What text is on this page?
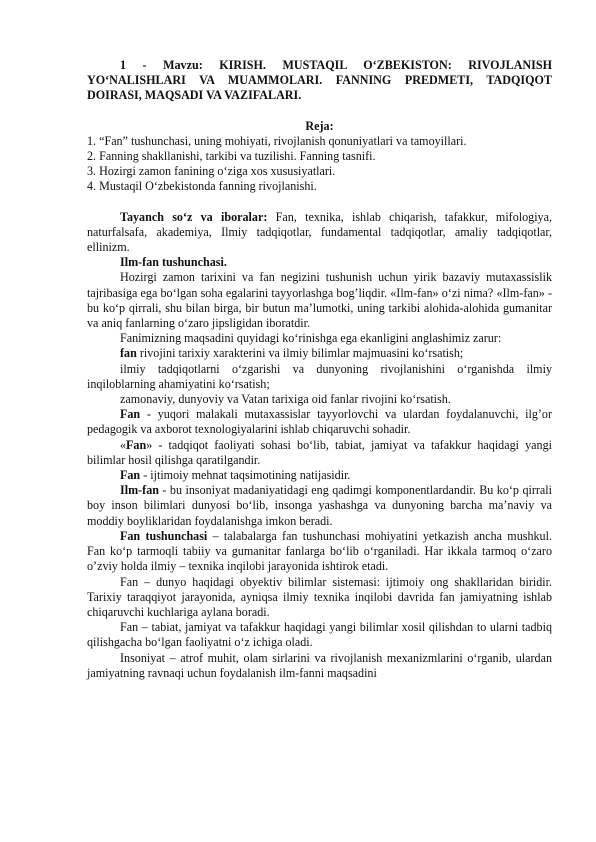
1 - Mavzu: KIRISH. MUSTAQIL O‘ZBEKISTON: RIVOJLANISH YO‘NALISHLARI VA MUAMMOLARI. FANNING PREDMETI, TADQIQOT DOIRASI, MAQSADI VA VAZIFALARI.

Reja:

1. “Fan” tushunchasi, uning mohiyati, rivojlanish qonuniyatlari va tamoyillari.

2. Fanning shakllanishi, tarkibi va tuzilishi. Fanning tasnifi.

3. Hozirgi zamon fanining o‘ziga xos xususiyatlari.

4. Mustaqil O‘zbekistonda fanning rivojlanishi.

Tayanch so‘z va iboralar: Fan, texnika, ishlab chiqarish, tafakkur, mifologiya, naturfalsafa, akademiya, Ilmiy tadqiqotlar, fundamental tadqiqotlar, amaliy tadqiqotlar, ellinizm.

Ilm-fan tushunchasi.

Hozirgi zamon tarixini va fan negizini tushunish uchun yirik bazaviy mutaxassislik tajribasiga ega bo‘lgan soha egalarini tayyorlashga bog’liqdir. «Ilm-fan» o‘zi nima? «Ilm-fan» - bu ko‘p qirrali, shu bilan birga, bir butun ma’lumotki, uning tarkibi alohida-alohida gumanitar va aniq fanlarning o‘zaro jipsligidan iboratdir.

Fanimizning maqsadini quyidagi ko‘rinishga ega ekanligini anglashimiz zarur:

fan rivojini tarixiy xarakterini va ilmiy bilimlar majmuasini ko‘rsatish;

ilmiy tadqiqotlarni o‘zgarishi va dunyoning rivojlanishini o‘rganishda ilmiy inqiloblarning ahamiyatini ko‘rsatish;

zamonaviy, dunyoviy va Vatan tarixiga oid fanlar rivojini ko‘rsatish.

Fan - yuqori malakali mutaxassislar tayyorlovchi va ulardan foydalanuvchi, ilg’or pedagogik va axborot texnologiyalarini ishlab chiqaruvchi sohadir.

«Fan» - tadqiqot faoliyati sohasi bo‘lib, tabiat, jamiyat va tafakkur haqidagi yangi bilimlar hosil qilishga qaratilgandir.

Fan - ijtimoiy mehnat taqsimotining natijasidir.

Ilm-fan - bu insoniyat madaniyatidagi eng qadimgi komponentlardandir. Bu ko‘p qirrali boy inson bilimlari dunyosi bo‘lib, insonga yashashga va dunyoning barcha ma’naviy va moddiy boyliklaridan foydalanishga imkon beradi.

Fan tushunchasi – talabalarga fan tushunchasi mohiyatini yetkazish ancha mushkul. Fan ko‘p tarmoqli tabiiy va gumanitar fanlarga bo‘lib o‘rganiladi. Har ikkala tarmoq o‘zaro o’zviy holda ilmiy – texnika inqilobi jarayonida ishtirok etadi.

Fan – dunyo haqidagi obyektiv bilimlar sistemasi: ijtimoiy ong shakllaridan biridir. Tarixiy taraqqiyot jarayonida, ayniqsa ilmiy texnika inqilobi davrida fan jamiyatning ishlab chiqaruvchi kuchlariga aylana boradi.

Fan – tabiat, jamiyat va tafakkur haqidagi yangi bilimlar xosil qilishdan to ularni tadbiq qilishgacha bo‘lgan faoliyatni o‘z ichiga oladi.

Insoniyat – atrof muhit, olam sirlarini va rivojlanish mexanizmlarini o‘rganib, ulardan jamiyatning ravnaqi uchun foydalanish ilm-fanni maqsadini
